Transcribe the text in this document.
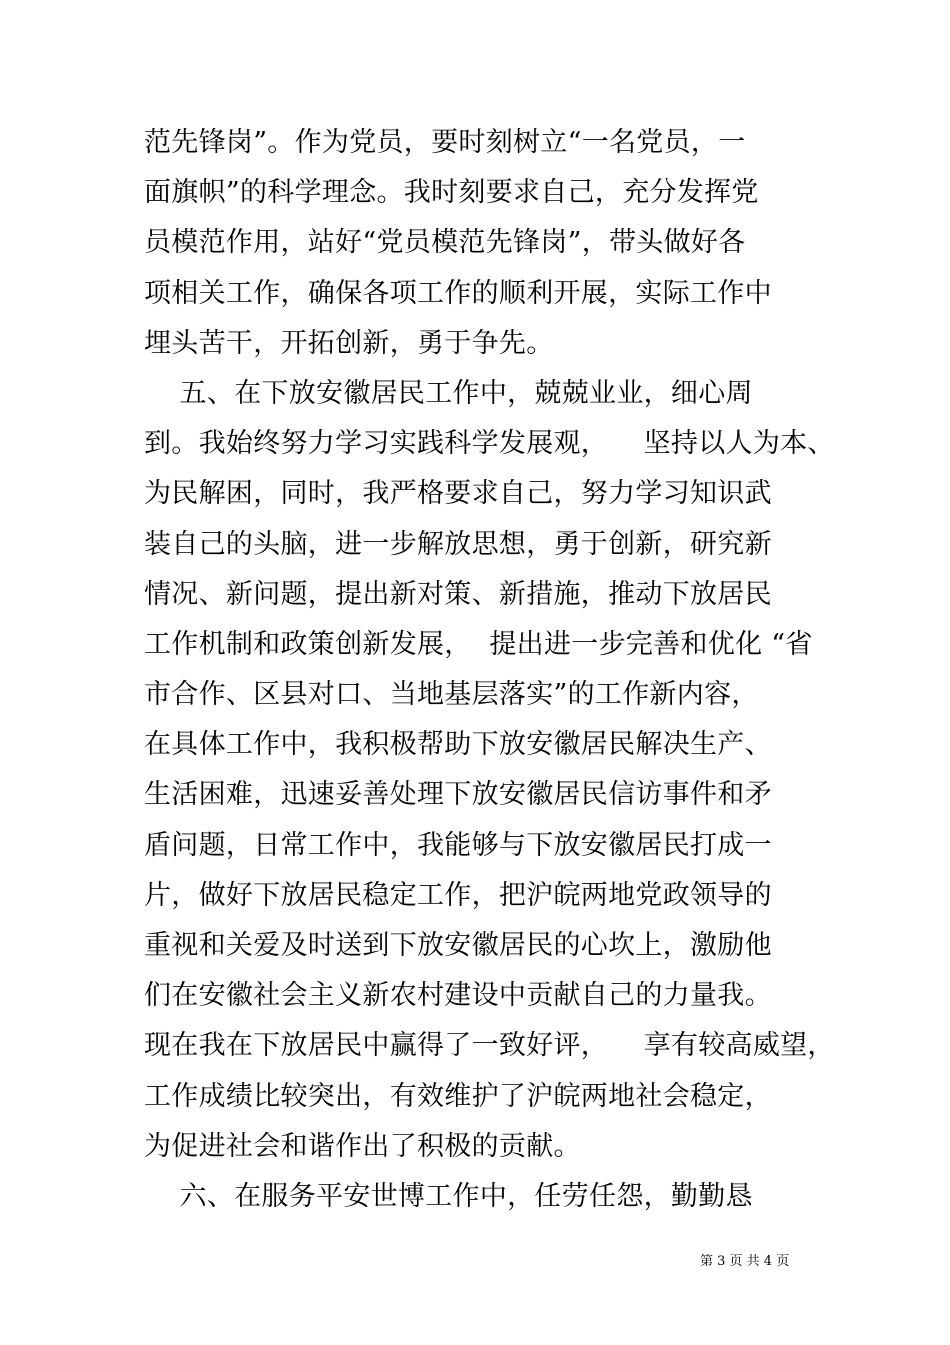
范先锋岗”。作为党员，要时刻树立“一名党员，一
面旗帜”的科学理念。我时刻要求自己，充分发挥党
员模范作用，站好“党员模范先锋岗”，带头做好各
项相关工作，确保各项工作的顺利开展，实际工作中
埋头苦干，开拓创新，勇于争先。
五、在下放安徽居民工作中，兢兢业业，细心周
到。我始终努力学习实践科学发展观，    坚持以人为本、
为民解困，同时，我严格要求自己，努力学习知识武
装自己的头脑，进一步解放思想，勇于创新，研究新
情况、新问题，提出新对策、新措施，推动下放居民
工作机制和政策创新发展，  提出进一步完善和优化 “省
市合作、区县对口、当地基层落实”的工作新内容，
在具体工作中，我积极帮助下放安徽居民解决生产、
生活困难，迅速妥善处理下放安徽居民信访事件和矛
盾问题，日常工作中，我能够与下放安徽居民打成一
片，做好下放居民稳定工作，把沪皖两地党政领导的
重视和关爱及时送到下放安徽居民的心坎上，激励他
们在安徽社会主义新农村建设中贡献自己的力量我。
现在我在下放居民中赢得了一致好评，    享有较高威望，
工作成绩比较突出，有效维护了沪皖两地社会稳定，
为促进社会和谐作出了积极的贡献。
六、在服务平安世博工作中，任劳任怨，勤勤恳
第 3 页 共 4 页
